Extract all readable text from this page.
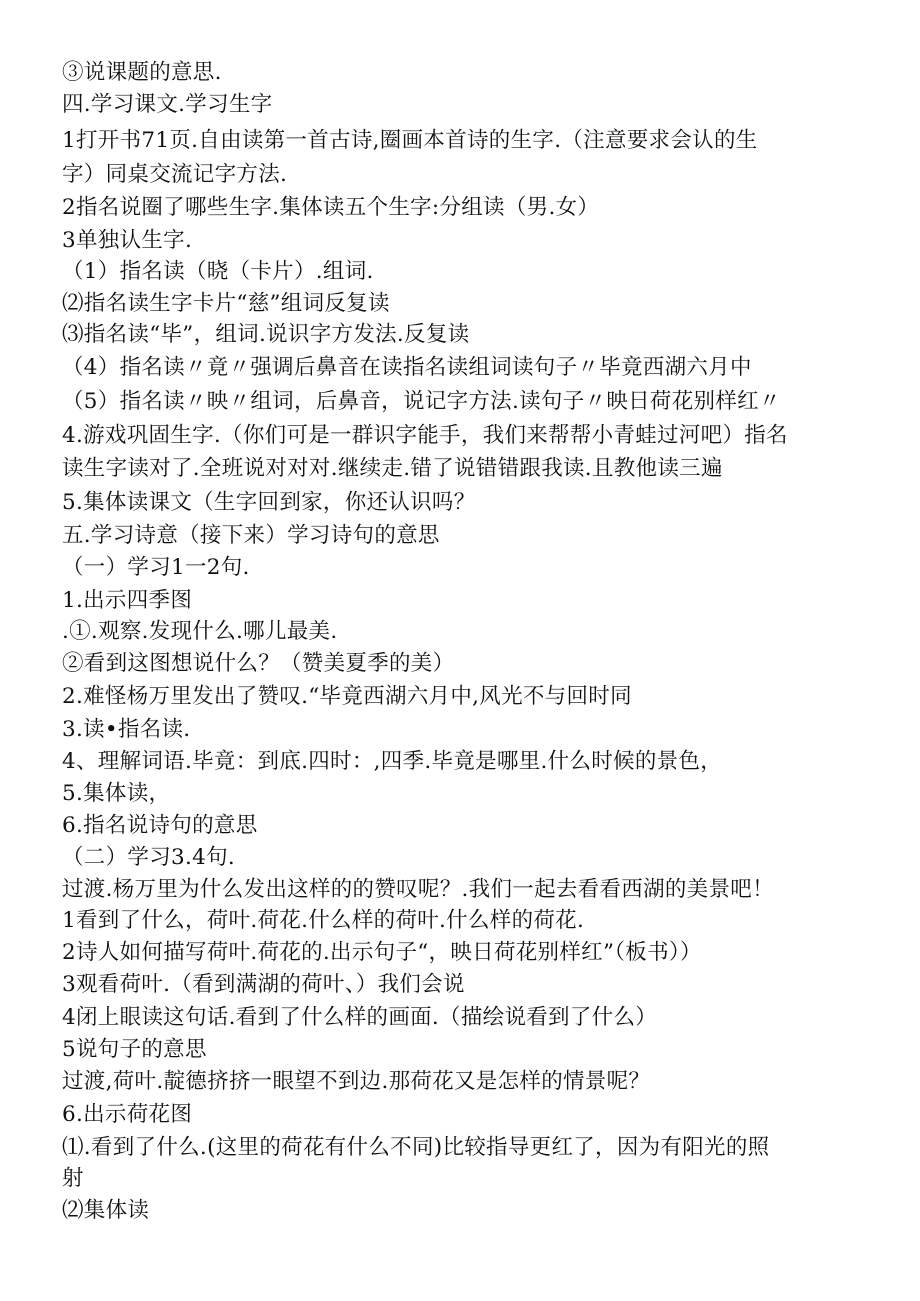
③说课题的意思.
四.学习课文.学习生字
1打开书71页.自由读第一首古诗,圈画本首诗的生字.（注意要求会认的生
字）同桌交流记字方法.
2指名说圈了哪些生字.集体读五个生字:分组读（男.女）
3单独认生字.
（1）指名读（晓（卡片）.组词.
⑵指名读生字卡片“慈”组词反复读
⑶指名读“毕”，组词.说识字方发法.反复读
（4）指名读〃竟〃强调后鼻音在读指名读组词读句子〃毕竟西湖六月中
（5）指名读〃映〃组词，后鼻音，说记字方法.读句子〃映日荷花别样红〃
4.游戏巩固生字.（你们可是一群识字能手，我们来帮帮小青蛙过河吧）指名
读生字读对了.全班说对对对.继续走.错了说错错跟我读.且教他读三遍
5.集体读课文（生字回到家，你还认识吗？
五.学习诗意（接下来）学习诗句的意思
（一）学习1一2句.
1.出示四季图
.①.观察.发现什么.哪儿最美.
②看到这图想说什么？（赞美夏季的美）
2.难怪杨万里发出了赞叹.“毕竟西湖六月中,风光不与回时同
3.读•指名读.
4、理解词语.毕竟：到底.四时：,四季.毕竟是哪里.什么时候的景色，
5.集体读，
6.指名说诗句的意思
（二）学习3.4句.
过渡.杨万里为什么发出这样的的赞叹呢？.我们一起去看看西湖的美景吧！
1看到了什么，荷叶.荷花.什么样的荷叶.什么样的荷花.
2诗人如何描写荷叶.荷花的.出示句子“，映日荷花别样红”（板书））
3观看荷叶.（看到满湖的荷叶、）我们会说
4闭上眼读这句话.看到了什么样的画面.（描绘说看到了什么）
5说句子的意思
过渡,荷叶.靛德挤挤一眼望不到边.那荷花又是怎样的情景呢？
6.出示荷花图
⑴.看到了什么.(这里的荷花有什么不同)比较指导更红了，因为有阳光的照
射
⑵集体读
